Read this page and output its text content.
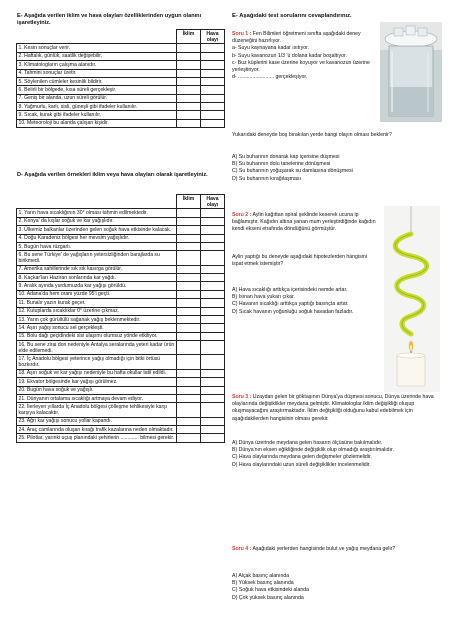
E- Aşağıda verilen iklim ve hava olayları özelliklerinden uygun olanını işaretleyiniz.

	İklim	Hava olayı
1. Kesin sonuçlar verir.		
2. Haftalık, günlük, saatlik değişebilir.		
3. Klimatologların çalışma alanıdır.		
4. Tahmini sonuçlar üretir.		
5. Söylenilen cümleler kesinlik bildirir.		
6. Belirli bir bölgede, kısa süreli gerçekleşir.		
7. Geniş bir alanda, uzun süreli görülür.		
8. Yağmurlu, karlı, sisli, güneşli gibi ifadeler kullanılır.		
9. Sıcak, kurak gibi ifadeler kullanılır.		
10. Meteoroloji bu alanda çalışan kişidir.		

D- Aşağıda verilen örnekleri iklim veya hava olayları olarak işaretleyiniz.

	İklim	Hava olayı
1. Yarın hava sıcaklığının 30° olması tahmin edilmektedir.		
2. Konya' da kışlar soğuk ve kar yağışlıdır.		
3. Ülkemiz balkanlar üzerinden gelen soğuk hava etkisinde kalacak.		
4. Doğu Karadeniz bölgesi her mevsim yağışlıdır.		
5. Bugün hava rüzgarlı.		
6. Bu sene Türkiye' de yağışların yetersizliğinden barajlarda su birikmedi.		
7. Amerika sahillerinde sık sık kasırga görülür.		
8. Kaçkar'ları Haziran sonlarında kar yağdı.		
9. Aralık ayında yurdumuzda kar yağışı görüldü.		
10. Adana'da hem oranı yüzde 95'i geçti.		
11. Bunalır yazın kurak geçer.		
12. Kutuplarda sıcaklıklar 0° üzerine çıkmaz.		
13. Yarın çok gürültülü sağanak yağış beklenmektedir.		
14. Aşırı yağış sonucu sel gerçekleşti.		
15. Bolu dağı geçidindeki sisi ulaşımı olumsuz yönde etkiliyor.		
16. Bu sene zirai don nedeniyle Antalya seralarında yeteri kadar ürün elde edilemedi.		
17. İç Anadolu bölgesi yeterince yağış olmadığı için bitki örtüsü bozkırdır.		
18. Aşırı soğuk ve kar yağışı nedeniyle bu hafta okullar tatil edildi.		
19. Ekvator bölgesinde kar yağışı görülmez.		
20. Bugün hava soğuk ve yağışlı.		
21. Dünyanın ortalama sıcaklığı artmaya devam ediyor.		
22. İlerleyen yıllarda İç Anadolu bölgesi çölleşme tehlikesiyle karşı karşıya kalacaktır.		
23. Ağrı kar yağışı sonucu yollar kapandı.		
24. Araç camlarında oluşan kırağı trafik kazalarına neden olmaktadır.		
25. Pilotlar, yarınki uçuş planındaki şehirlerin ............. bilmesi gerekir.		
E- Aşağıdaki test sorularını cevaplandırınız.

Soru 1 : Fen Bilimleri öğretmeni sınıfta aşağıdaki deney düzeneğini hazırlıyor.

a- Suyu kaynayana kadar ısıtıyor.

b- Suyu kavanozun 1/3 'ü dolana kadar boşaltıyor.

c- Buz küplerini kase üzerine koyuyor ve kavanozun üzerine yerleştiriyor.

d- ......................... gerçekleşiyor.

Yukarıdaki deneyde boş bırakılan yerde hangi olayın olması beklenir?

A) Su buharının donarak kap içerisine düşmesi

B) Su buharının dolu tanelerine dönüşmesi

C) Su buharının yoğuşarak su damlasına dönüşmesi

D) Su buharının kırağılaşması

Soru 2 : Aylin kağıttan spiral şeklinde keserek ucuna ip bağlamıştır. Kağıdın altına yanan mum yerleştirdiğinde kağıdın kendi ekseni etrafında döndüğünü görmüştür.

Aylin yaptığı bu deneyde aşağıdaki hipotezlerden hangisini ispat etmek istemiştir?

A) Hava sıcaklığı arttıkça içerisindeki nemde artar.

B) Isınan hava yukarı çıkar.

C) Havanın sıcaklığı arttıkça yaptığı basınçta artar.

D) Sıcak havanın yoğunluğu soğuk havadan fazladır.

Soru 3 : Uzaydan gelen bir göktaşının Dünya'ya düşmesi sonucu, Dünya üzerinde hava olaylarında değişiklikler meydana gelmiştir. Klimatologlar iklim değişikliği oluşup oluşmayacağını araştırmaktadır. İklim değişikliği olduğunu kabul edebilmek için aşağıdakilerden hangisinin olması gerekir.

A) Dünya üzerinde meydana gelen hasarın ölçüsüne bakılmalıdır.

B) Dünya'nın eksen eğikliğinde değişiklik olup olmadığı araştırılmalıdır.

C) Hava olaylarında meydana gelen değişmeler gözlemelidir.

D) Hava olaylarındaki uzun süreli değişiklikler incelenmelidir.

Soru 4 : Aşağıdaki yerlerden hangisinde bulut ve yağış meydana gelir?

A) Alçak basınç alanında

B) Yüksek basınç alanında

C) Soğuk hava etkisindeki alanda

D) Çok yüksek basınç alanında
